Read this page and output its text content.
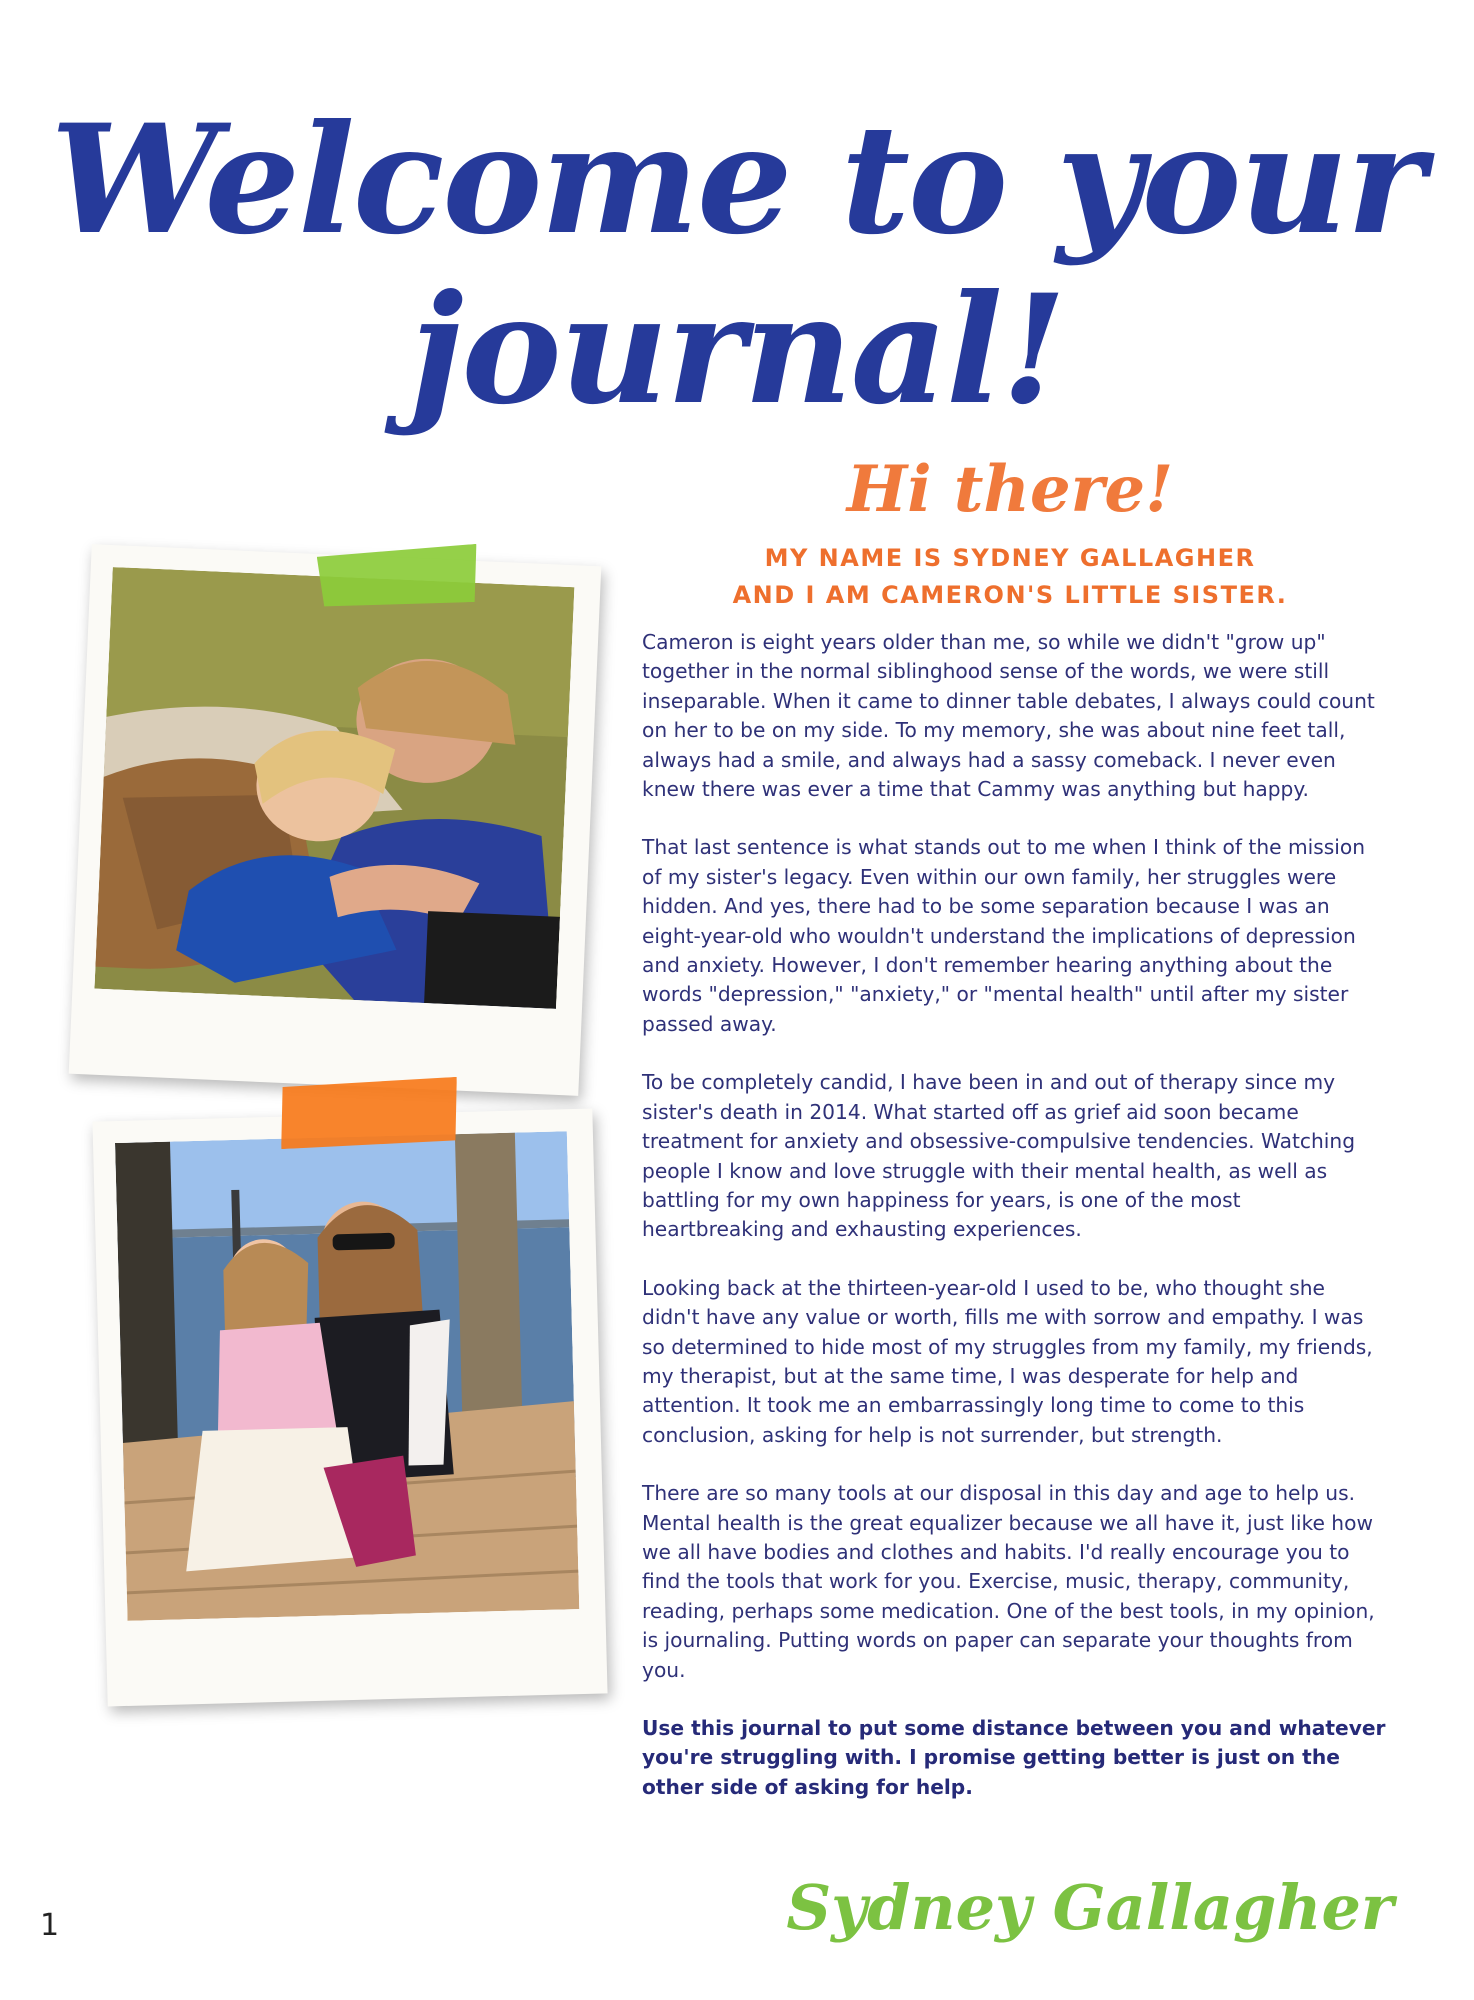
Welcome to your journal!
Hi there!
MY NAME IS SYDNEY GALLAGHER
AND I AM CAMERON'S LITTLE SISTER.

Cameron is eight years older than me, so while we didn't "grow up" together in the normal siblinghood sense of the words, we were still inseparable. When it came to dinner table debates, I always could count on her to be on my side. To my memory, she was about nine feet tall, always had a smile, and always had a sassy comeback. I never even knew there was ever a time that Cammy was anything but happy.

That last sentence is what stands out to me when I think of the mission of my sister's legacy. Even within our own family, her struggles were hidden. And yes, there had to be some separation because I was an eight-year-old who wouldn't understand the implications of depression and anxiety. However, I don't remember hearing anything about the words "depression," "anxiety," or "mental health" until after my sister passed away.

To be completely candid, I have been in and out of therapy since my sister's death in 2014. What started off as grief aid soon became treatment for anxiety and obsessive-compulsive tendencies. Watching people I know and love struggle with their mental health, as well as battling for my own happiness for years, is one of the most heartbreaking and exhausting experiences.

Looking back at the thirteen-year-old I used to be, who thought she didn't have any value or worth, fills me with sorrow and empathy. I was so determined to hide most of my struggles from my family, my friends, my therapist, but at the same time, I was desperate for help and attention. It took me an embarrassingly long time to come to this conclusion, asking for help is not surrender, but strength.

There are so many tools at our disposal in this day and age to help us. Mental health is the great equalizer because we all have it, just like how we all have bodies and clothes and habits. I'd really encourage you to find the tools that work for you. Exercise, music, therapy, community, reading, perhaps some medication. One of the best tools, in my opinion, is journaling. Putting words on paper can separate your thoughts from you.

Use this journal to put some distance between you and whatever you're struggling with. I promise getting better is just on the other side of asking for help.

Sydney Gallagher
1
